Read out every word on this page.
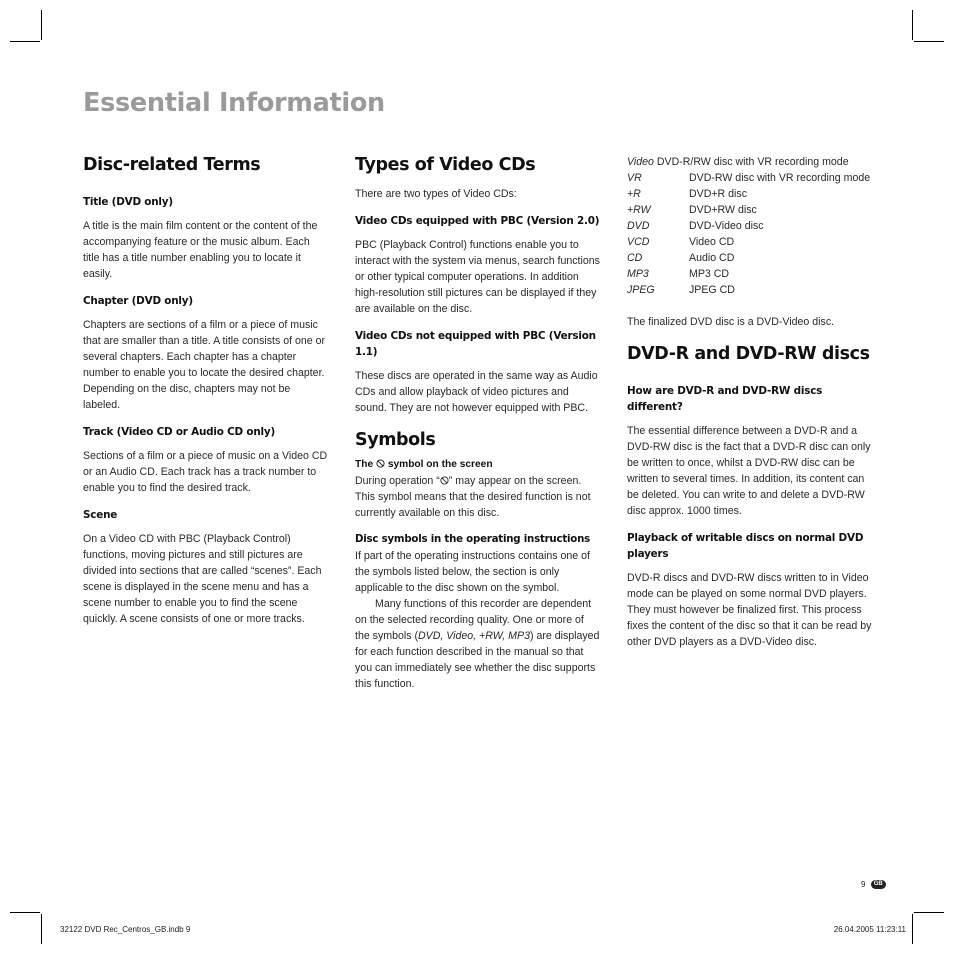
Essential Information
Disc-related Terms
Title (DVD only)

A title is the main film content or the content of the accompanying feature or the music album. Each title has a title number enabling you to locate it easily.

Chapter (DVD only)

Chapters are sections of a film or a piece of music that are smaller than a title. A title consists of one or several chapters. Each chapter has a chapter number to enable you to locate the desired chapter. Depending on the disc, chapters may not be labeled.

Track (Video CD or Audio CD only)

Sections of a film or a piece of music on a Video CD or an Audio CD. Each track has a track number to enable you to find the desired track.

Scene

On a Video CD with PBC (Playback Control) functions, moving pictures and still pictures are divided into sections that are called “scenes”. Each scene is displayed in the scene menu and has a scene number to enable you to find the scene quickly. A scene consists of one or more tracks.

Types of Video CDs

There are two types of Video CDs:

Video CDs equipped with PBC (Version 2.0)

PBC (Playback Control) functions enable you to interact with the system via menus, search functions or other typical computer operations. In addition high-resolution still pictures can be displayed if they are available on the disc.

Video CDs not equipped with PBC (Version 1.1)

These discs are operated in the same way as Audio CDs and allow playback of video pictures and sound. They are not however equipped with PBC.

Symbols

The symbol on the screen

During operation “ ” may appear on the screen. This symbol means that the desired function is not currently available on this disc.

Disc symbols in the operating instructions

If part of the operating instructions contains one of the symbols listed below, the section is only applicable to the disc shown on the symbol.

Many functions of this recorder are dependent on the selected recording quality. One or more of the symbols (DVD, Video, +RW, MP3) are displayed for each function described in the manual so that you can immediately see whether the disc supports this function.

Video DVD-R/RW disc with VR recording mode

VR	DVD-RW disc with VR recording mode
+R	DVD+R disc
+RW	DVD+RW disc
DVD	DVD-Video disc
VCD	Video CD
CD	Audio CD
MP3	MP3 CD
JPEG	JPEG CD

The finalized DVD disc is a DVD-Video disc.

DVD-R and DVD-RW discs
How are DVD-R and DVD-RW discs different?

The essential difference between a DVD-R and a DVD-RW disc is the fact that a DVD-R disc can only be written to once, whilst a DVD-RW disc can be written to several times. In addition, its content can be deleted. You can write to and delete a DVD-RW disc approx. 1000 times.

Playback of writable discs on normal DVD players

DVD-R discs and DVD-RW discs written to in Video mode can be played on some normal DVD players. They must however be finalized first. This process fixes the content of the disc so that it can be read by other DVD players as a DVD-Video disc.

9 GB
32122 DVD Rec_Centros_GB.indb 9	26.04.2005 11:23:11
